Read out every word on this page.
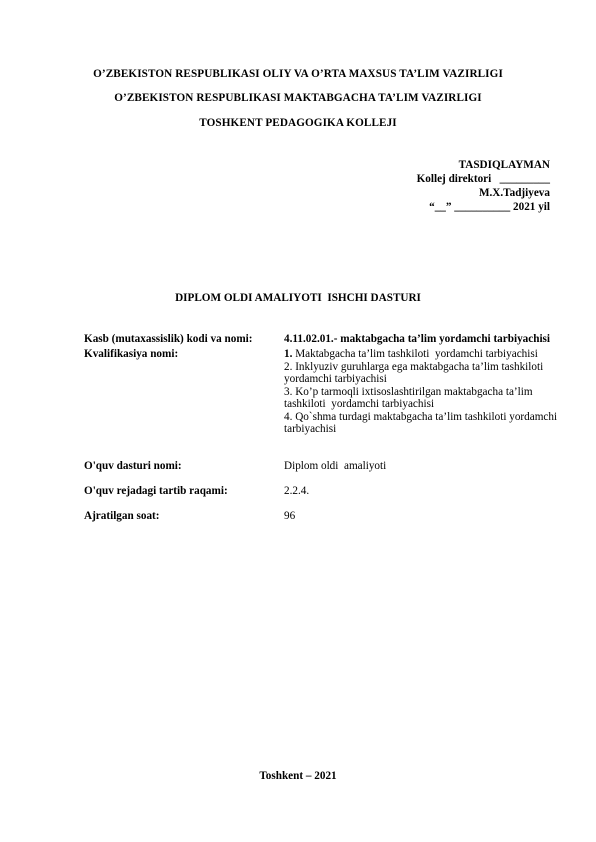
O’ZBEKISTON RESPUBLIKASI OLIY VA O’RTA MAXSUS TA’LIM VAZIRLIGI
O’ZBEKISTON RESPUBLIKASI MAKTABGACHA TA’LIM VAZIRLIGI
TOSHKENT PEDAGOGIKA KOLLEJI
TASDIQLAYMAN
Kollej direktori   _________
M.X.Tadjiyeva
“__” __________ 2021 yil
DIPLOM OLDI AMALIYOTI  ISHCHI DASTURI
Kasb (mutaxassislik) kodi va nomi:	4.11.02.01.- maktabgacha ta’lim yordamchi tarbiyachisi
Kvalifikasiya nomi:	1. Maktabgacha ta’lim tashkiloti  yordamchi tarbiyachisi
2. Inklyuziv guruhlarga ega maktabgacha ta’lim tashkiloti yordamchi tarbiyachisi
3. Ko’p tarmoqli ixtisoslashtirilgan maktabgacha ta’lim tashkiloti  yordamchi tarbiyachisi
4. Qo`shma turdagi maktabgacha ta’lim tashkiloti yordamchi tarbiyachisi
O'quv dasturi nomi:	Diplom oldi  amaliyoti
O'quv rejadagi tartib raqami:	2.2.4.
Ajratilgan soat:	96
Toshkent – 2021
